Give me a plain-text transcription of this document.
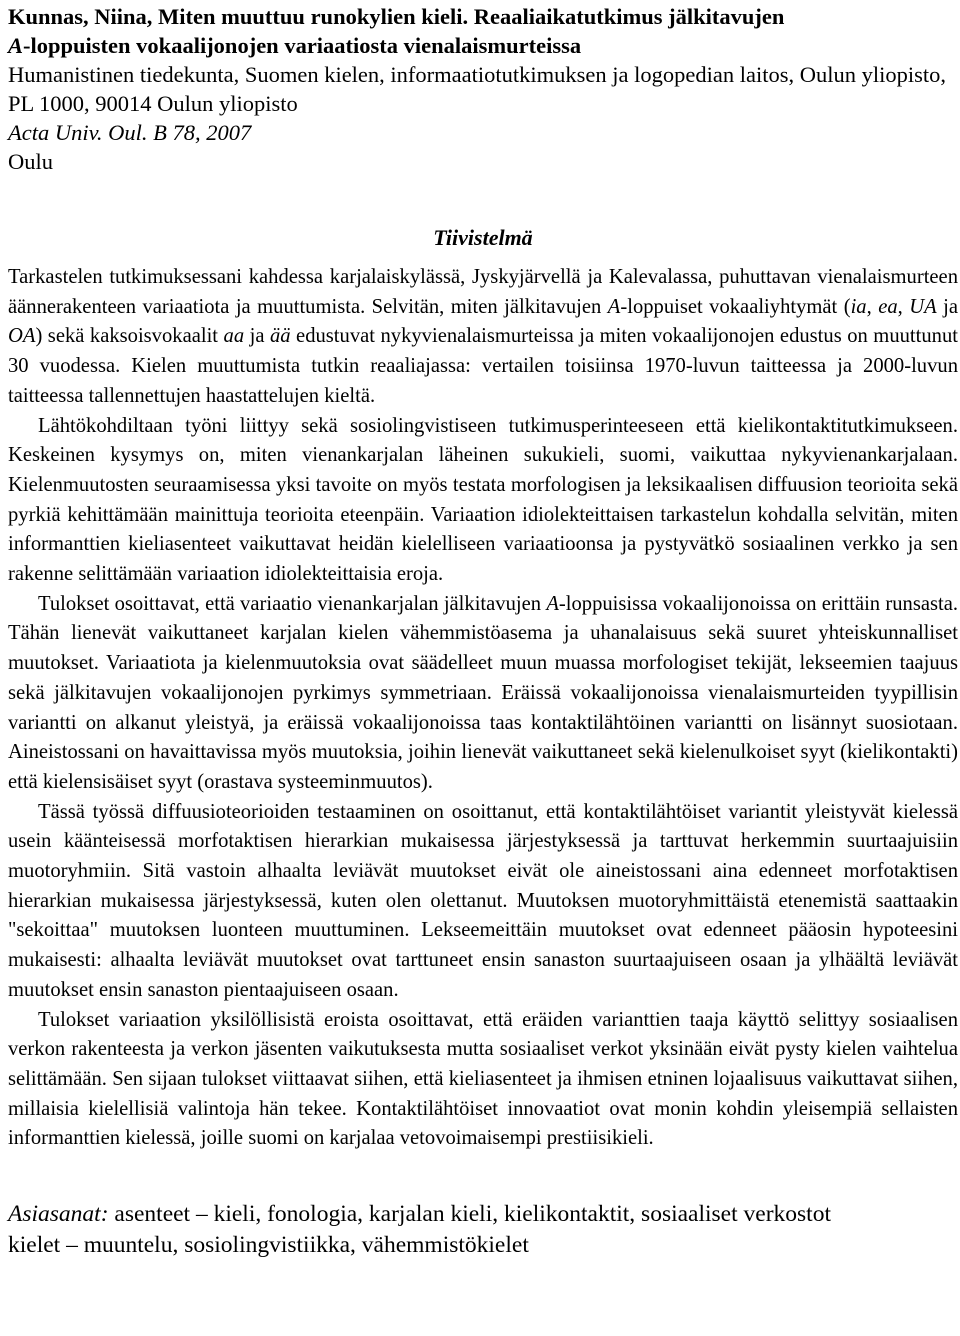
Kunnas, Niina, Miten muuttuu runokylien kieli. Reaaliaikatutkimus jälkitavujen
A-loppuisten vokaalijonojen variaatiosta vienalaismurteissa

Humanistinen tiedekunta, Suomen kielen, informaatiotutkimuksen ja logopedian laitos, Oulun yliopisto, PL 1000, 90014 Oulun yliopisto

Acta Univ. Oul. B 78, 2007

Oulu

Tiivistelmä

Tarkastelen tutkimuksessani kahdessa karjalaiskylässä, Jyskyjärvellä ja Kalevalassa, puhuttavan vienalaismurteen äännerakenteen variaatiota ja muuttumista. Selvitän, miten jälkitavujen A-loppuiset vokaaliyhtymät (ia, ea, UA ja OA) sekä kaksoisvokaalit aa ja ää edustuvat nykyvienalaismurteissa ja miten vokaalijonojen edustus on muuttunut 30 vuodessa. Kielen muuttumista tutkin reaaliajassa: vertailen toisiinsa 1970-luvun taitteessa ja 2000-luvun taitteessa tallennettujen haastattelujen kieltä.

Lähtökohdiltaan työni liittyy sekä sosiolingvistiseen tutkimusperinteeseen että kielikontaktitutkimukseen. Keskeinen kysymys on, miten vienankarjalan läheinen sukukieli, suomi, vaikuttaa nykyvienankarjalaan. Kielenmuutosten seuraamisessa yksi tavoite on myös testata morfologisen ja leksikaalisen diffuusion teorioita sekä pyrkiä kehittämään mainittuja teorioita eteenpäin. Variaation idiolekteittaisen tarkastelun kohdalla selvitän, miten informanttien kieliasenteet vaikuttavat heidän kielelliseen variaatioonsa ja pystyvätkö sosiaalinen verkko ja sen rakenne selittämään variaation idiolekteittaisia eroja.

Tulokset osoittavat, että variaatio vienankarjalan jälkitavujen A-loppuisissa vokaalijonoissa on erittäin runsasta. Tähän lienevät vaikuttaneet karjalan kielen vähemmistöasema ja uhanalaisuus sekä suuret yhteiskunnalliset muutokset. Variaatiota ja kielenmuutoksia ovat säädelleet muun muassa morfologiset tekijät, lekseemien taajuus sekä jälkitavujen vokaalijonojen pyrkimys symmetriaan. Eräissä vokaalijonoissa vienalaismurteiden tyypillisin variantti on alkanut yleistyä, ja eräissä vokaalijonoissa taas kontaktilähtöinen variantti on lisännyt suosiotaan. Aineistossani on havaittavissa myös muutoksia, joihin lienevät vaikuttaneet sekä kielenulkoiset syyt (kielikontakti) että kielensisäiset syyt (orastava systeeminmuutos).

Tässä työssä diffuusioteorioiden testaaminen on osoittanut, että kontaktilähtöiset variantit yleistyvät kielessä usein käänteisessä morfotaktisen hierarkian mukaisessa järjestyksessä ja tarttuvat herkemmin suurtaajuisiin muotoryhmiin. Sitä vastoin alhaalta leviävät muutokset eivät ole aineistossani aina edenneet morfotaktisen hierarkian mukaisessa järjestyksessä, kuten olen olettanut. Muutoksen muotoryhmittäistä etenemistä saattaakin "sekoittaa" muutoksen luonteen muuttuminen. Lekseemeittäin muutokset ovat edenneet pääosin hypoteesini mukaisesti: alhaalta leviävät muutokset ovat tarttuneet ensin sanaston suurtaajuiseen osaan ja ylhäältä leviävät muutokset ensin sanaston pientaajuiseen osaan.

Tulokset variaation yksilöllisistä eroista osoittavat, että eräiden varianttien taaja käyttö selittyy sosiaalisen verkon rakenteesta ja verkon jäsenten vaikutuksesta mutta sosiaaliset verkot yksinään eivät pysty kielen vaihtelua selittämään. Sen sijaan tulokset viittaavat siihen, että kieliasenteet ja ihmisen etninen lojaalisuus vaikuttavat siihen, millaisia kielellisiä valintoja hän tekee. Kontaktilähtöiset innovaatiot ovat monin kohdin yleisempiä sellaisten informanttien kielessä, joille suomi on karjalaa vetovoimaisempi prestiisikieli.

Asiasanat: asenteet – kieli, fonologia, karjalan kieli, kielikontaktit, sosiaaliset verkostot
kielet – muuntelu, sosiolingvistiikka, vähemmistökielet
